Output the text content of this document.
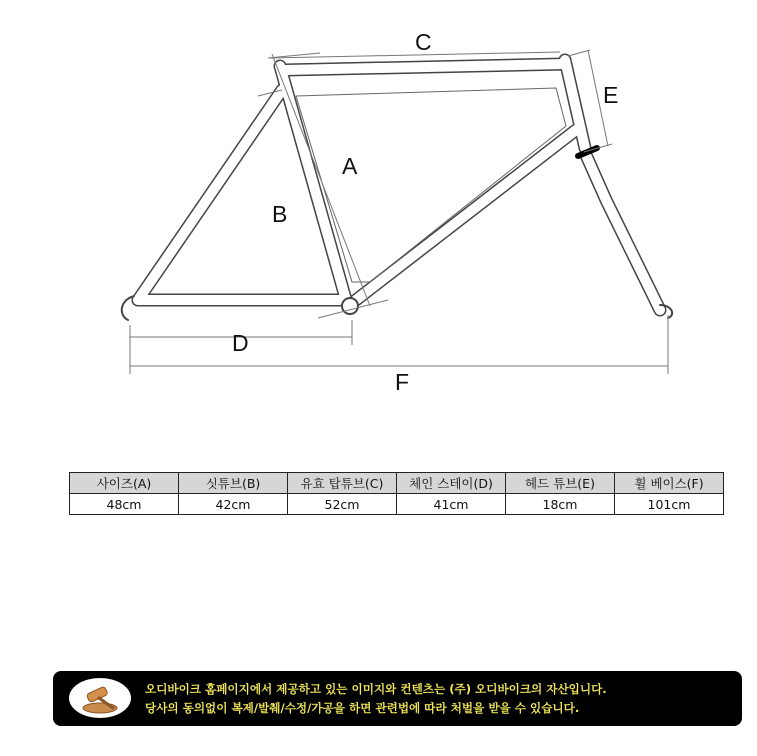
C
E
A
B
D
F
사이즈(A)	싯튜브(B)	유효 탑튜브(C)	체인 스테이(D)	헤드 튜브(E)	휠 베이스(F)
48cm	42cm	52cm	41cm	18cm	101cm
오디바이크 홈페이지에서 제공하고 있는 이미지와 컨텐츠는 (주) 오디바이크의 자산입니다.
당사의 동의없이 복제/발췌/수정/가공을 하면 관련법에 따라 처벌을 받을 수 있습니다.
